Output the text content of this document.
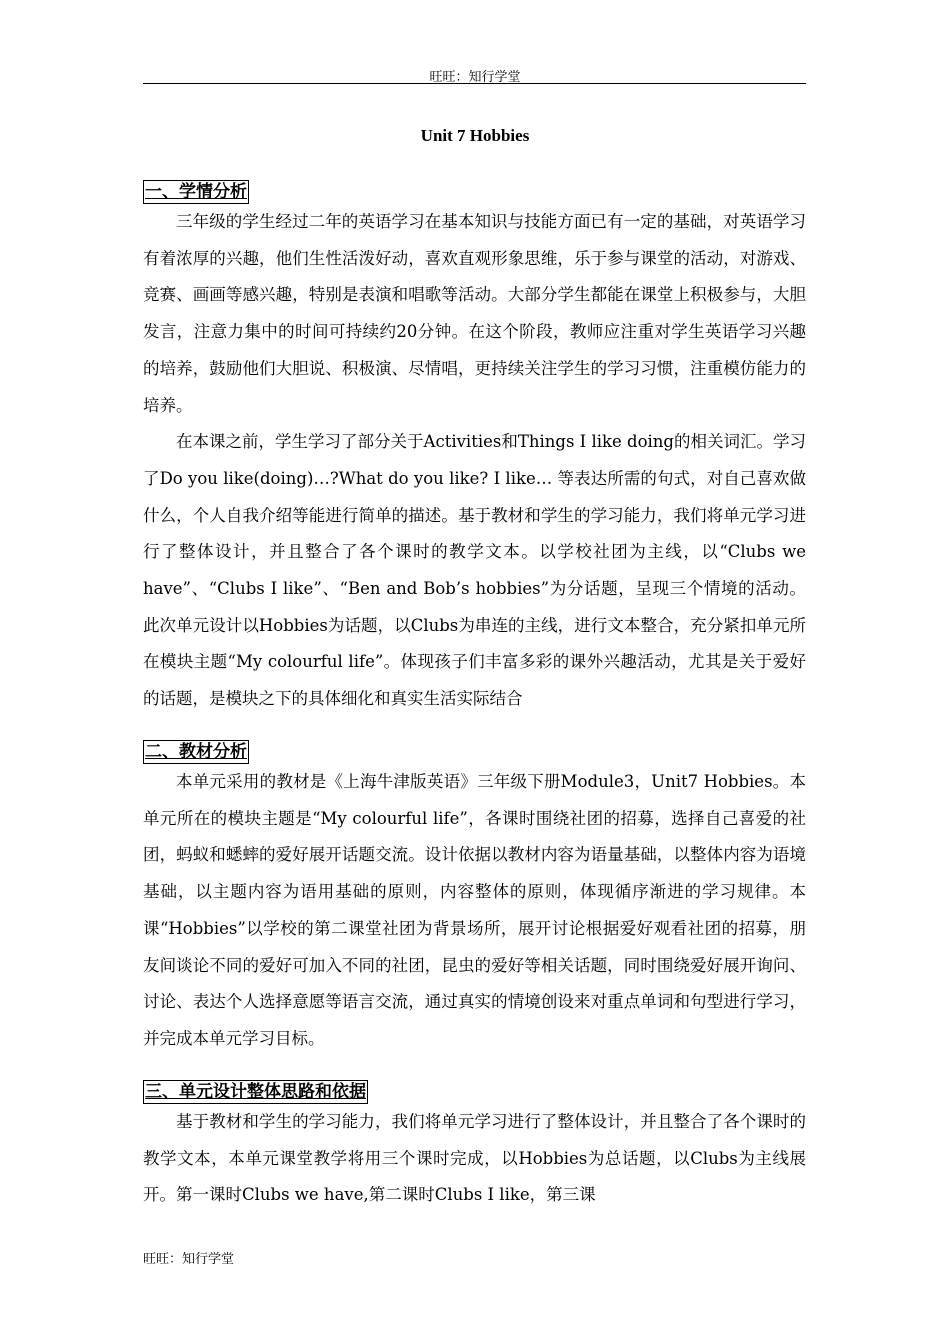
旺旺：知行学堂
Unit 7 Hobbies
一、学情分析

三年级的学生经过二年的英语学习在基本知识与技能方面已有一定的基础，对英语学习有着浓厚的兴趣，他们生性活泼好动，喜欢直观形象思维，乐于参与课堂的活动，对游戏、竞赛、画画等感兴趣，特别是表演和唱歌等活动。大部分学生都能在课堂上积极参与，大胆发言，注意力集中的时间可持续约20分钟。在这个阶段，教师应注重对学生英语学习兴趣的培养，鼓励他们大胆说、积极演、尽情唱，更持续关注学生的学习习惯，注重模仿能力的培养。

在本课之前，学生学习了部分关于Activities和Things I like doing的相关词汇。学习了Do you like(doing)…?What do you like? I like… 等表达所需的句式，对自己喜欢做什么，个人自我介绍等能进行简单的描述。基于教材和学生的学习能力，我们将单元学习进行了整体设计，并且整合了各个课时的教学文本。以学校社团为主线，以“Clubs we have”、“Clubs I like”、“Ben and Bob’s hobbies”为分话题，呈现三个情境的活动。此次单元设计以Hobbies为话题，以Clubs为串连的主线，进行文本整合，充分紧扣单元所在模块主题“My colourful life”。体现孩子们丰富多彩的课外兴趣活动，尤其是关于爱好的话题，是模块之下的具体细化和真实生活实际结合

二、教材分析

本单元采用的教材是《上海牛津版英语》三年级下册Module3，Unit7 Hobbies。本单元所在的模块主题是“My colourful life”，各课时围绕社团的招募，选择自己喜爱的社团，蚂蚁和蟋蟀的爱好展开话题交流。设计依据以教材内容为语量基础，以整体内容为语境基础，以主题内容为语用基础的原则，内容整体的原则，体现循序渐进的学习规律。本课“Hobbies”以学校的第二课堂社团为背景场所，展开讨论根据爱好观看社团的招募，朋友间谈论不同的爱好可加入不同的社团，昆虫的爱好等相关话题，同时围绕爱好展开询问、讨论、表达个人选择意愿等语言交流，通过真实的情境创设来对重点单词和句型进行学习，并完成本单元学习目标。

三、单元设计整体思路和依据

基于教材和学生的学习能力，我们将单元学习进行了整体设计，并且整合了各个课时的教学文本，本单元课堂教学将用三个课时完成，以Hobbies为总话题，以Clubs为主线展开。第一课时Clubs we have,第二课时Clubs I like，第三课

旺旺：知行学堂
